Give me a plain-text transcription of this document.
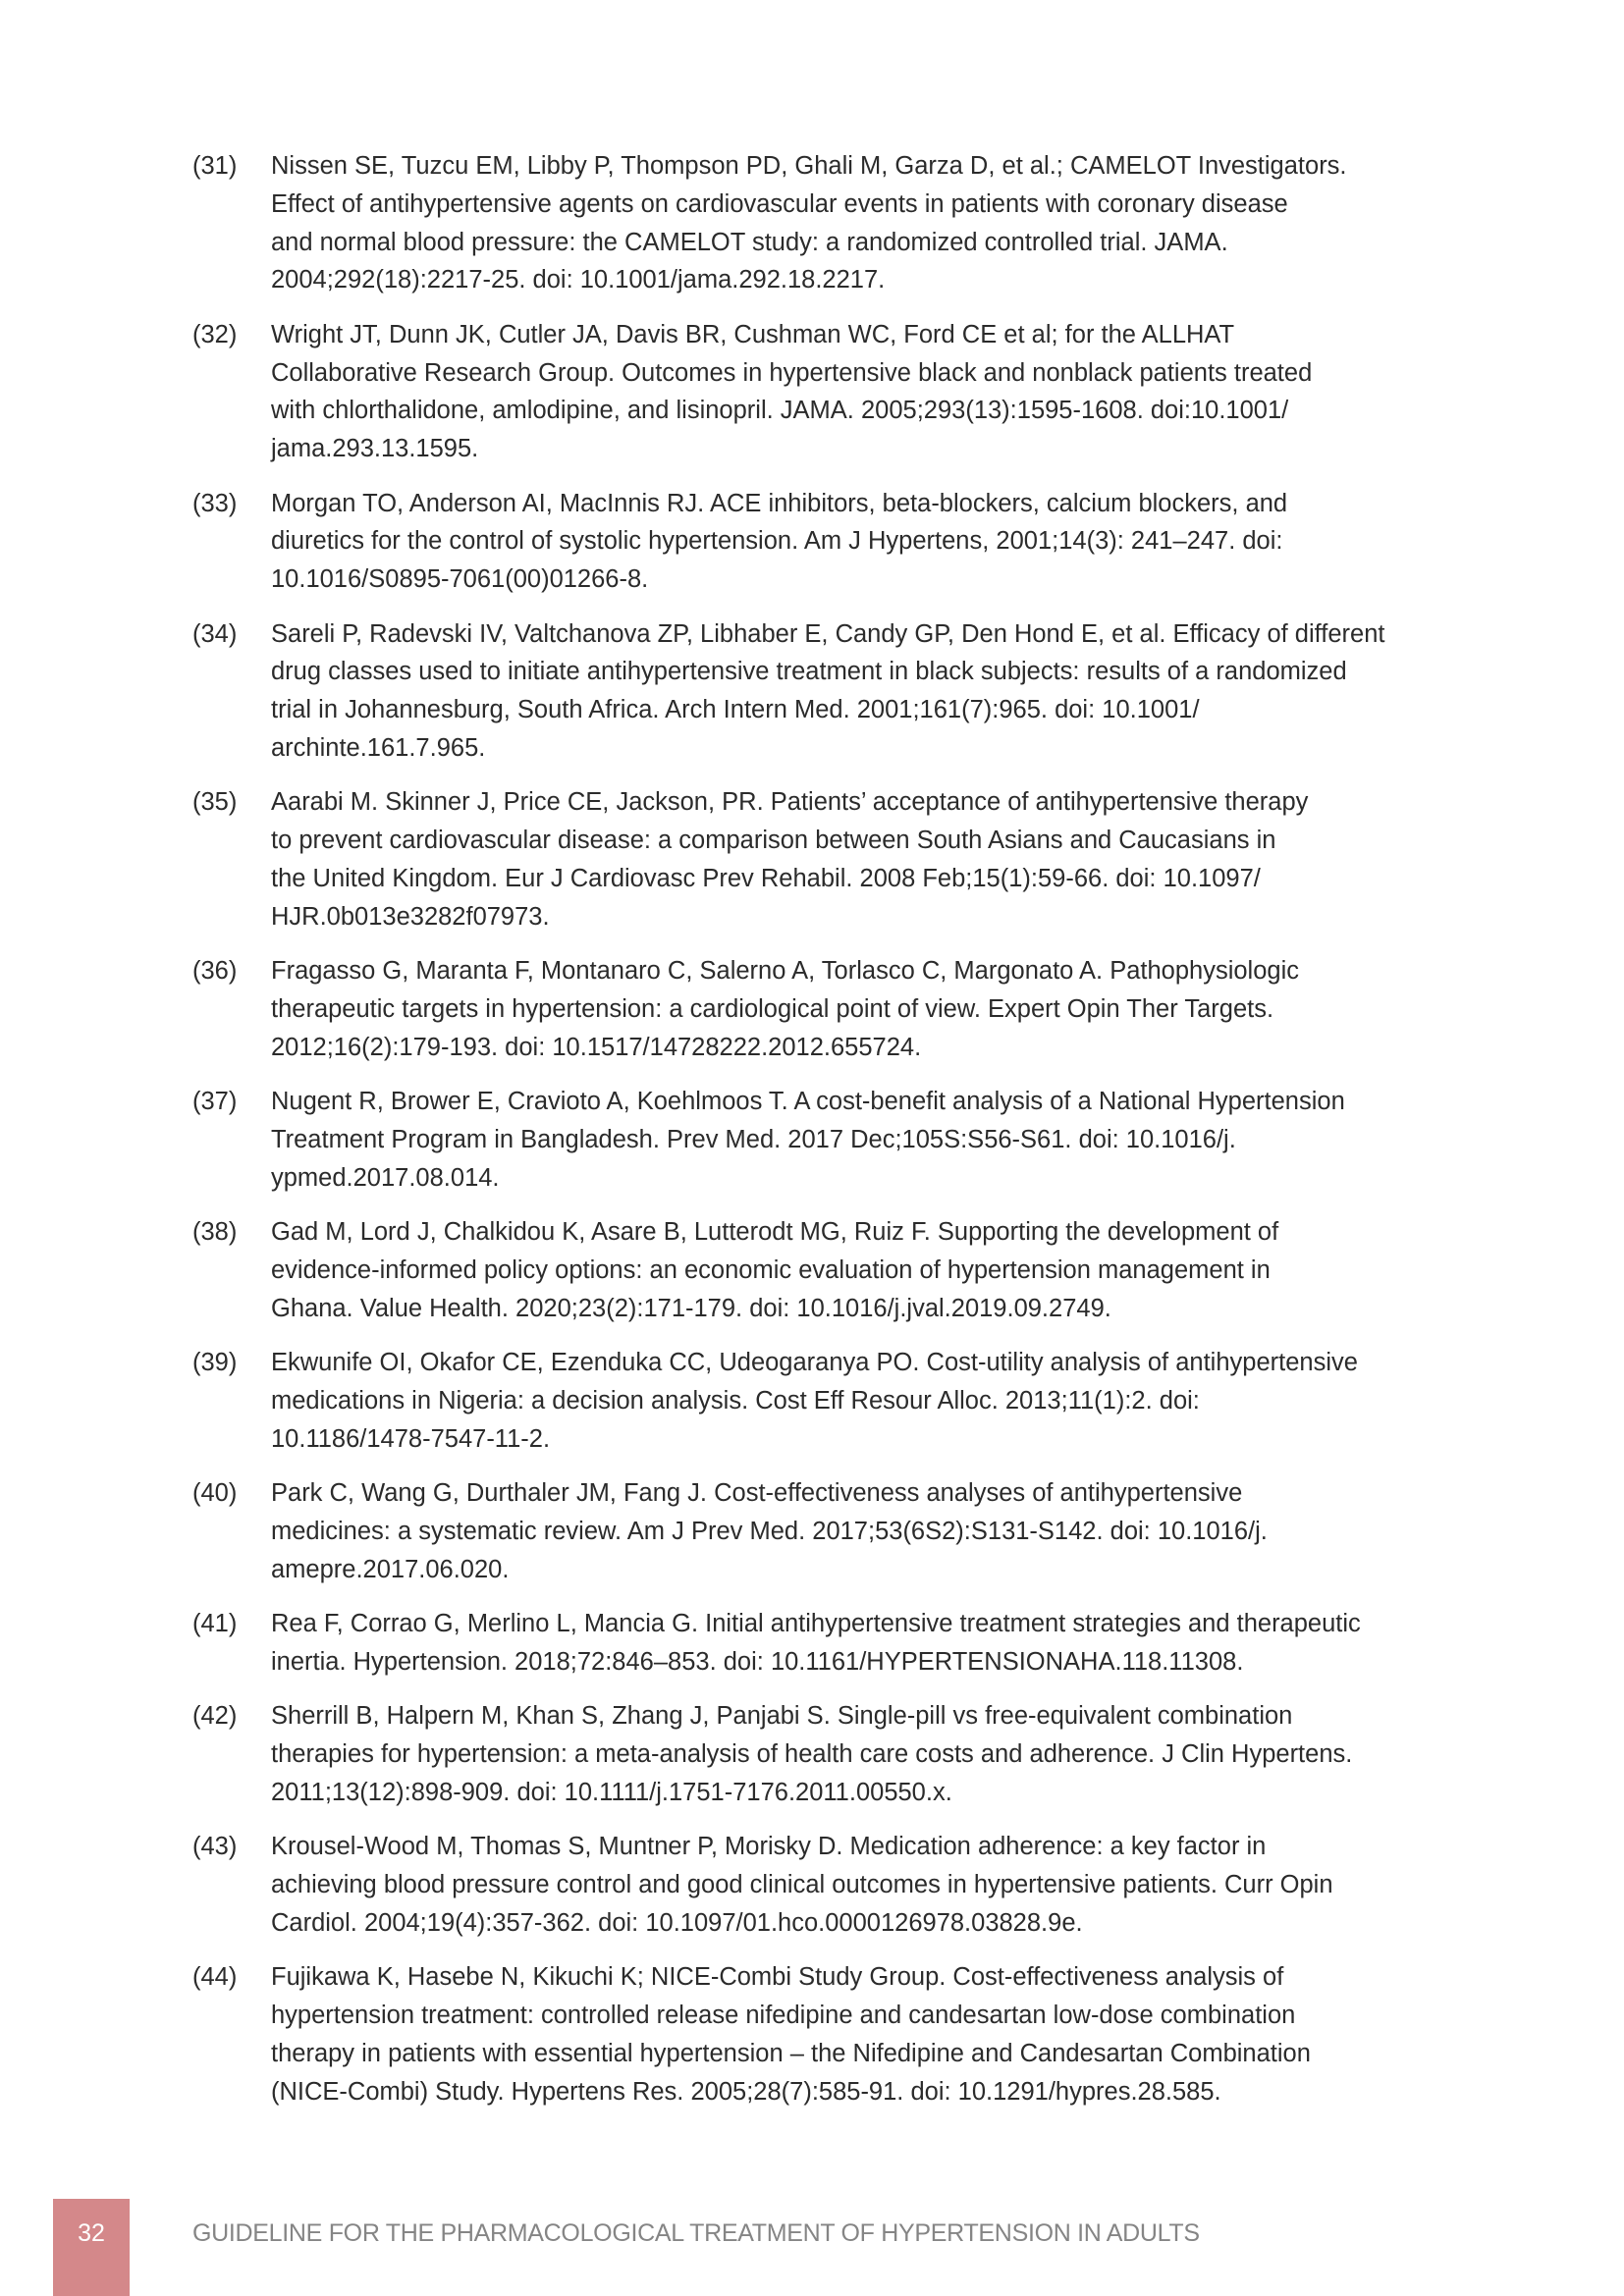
(31)	Nissen SE, Tuzcu EM, Libby P, Thompson PD, Ghali M, Garza D, et al.; CAMELOT Investigators.
Effect of antihypertensive agents on cardiovascular events in patients with coronary disease
and normal blood pressure: the CAMELOT study: a randomized controlled trial. JAMA.
2004;292(18):2217-25. doi: 10.1001/jama.292.18.2217.
(32)	Wright JT, Dunn JK, Cutler JA, Davis BR, Cushman WC, Ford CE et al; for the ALLHAT
Collaborative Research Group. Outcomes in hypertensive black and nonblack patients treated
with chlorthalidone, amlodipine, and lisinopril. JAMA. 2005;293(13):1595-1608. doi:10.1001/
jama.293.13.1595.
(33)	Morgan TO, Anderson AI, MacInnis RJ. ACE inhibitors, beta-blockers, calcium blockers, and
diuretics for the control of systolic hypertension. Am J Hypertens, 2001;14(3): 241–247. doi:
10.1016/S0895-7061(00)01266-8.
(34)	Sareli P, Radevski IV, Valtchanova ZP, Libhaber E, Candy GP, Den Hond E, et al. Efficacy of different
drug classes used to initiate antihypertensive treatment in black subjects: results of a randomized
trial in Johannesburg, South Africa. Arch Intern Med. 2001;161(7):965. doi: 10.1001/
archinte.161.7.965.
(35)	Aarabi M. Skinner J, Price CE, Jackson, PR. Patients’ acceptance of antihypertensive therapy
to prevent cardiovascular disease: a comparison between South Asians and Caucasians in
the United Kingdom. Eur J Cardiovasc Prev Rehabil. 2008 Feb;15(1):59-66. doi: 10.1097/
HJR.0b013e3282f07973.
(36)	Fragasso G, Maranta F, Montanaro C, Salerno A, Torlasco C, Margonato A. Pathophysiologic
therapeutic targets in hypertension: a cardiological point of view. Expert Opin Ther Targets.
2012;16(2):179-193. doi: 10.1517/14728222.2012.655724.
(37)	Nugent R, Brower E, Cravioto A, Koehlmoos T. A cost-benefit analysis of a National Hypertension
Treatment Program in Bangladesh. Prev Med. 2017 Dec;105S:S56-S61. doi: 10.1016/j.
ypmed.2017.08.014.
(38)	Gad M, Lord J, Chalkidou K, Asare B, Lutterodt MG, Ruiz F. Supporting the development of
evidence-informed policy options: an economic evaluation of hypertension management in
Ghana. Value Health. 2020;23(2):171-179. doi: 10.1016/j.jval.2019.09.2749.
(39)	Ekwunife OI, Okafor CE, Ezenduka CC, Udeogaranya PO. Cost-utility analysis of antihypertensive
medications in Nigeria: a decision analysis. Cost Eff Resour Alloc. 2013;11(1):2. doi:
10.1186/1478-7547-11-2.
(40)	Park C, Wang G, Durthaler JM, Fang J. Cost-effectiveness analyses of antihypertensive
medicines: a systematic review. Am J Prev Med. 2017;53(6S2):S131-S142. doi: 10.1016/j.
amepre.2017.06.020.
(41)	Rea F, Corrao G, Merlino L, Mancia G. Initial antihypertensive treatment strategies and therapeutic
inertia. Hypertension. 2018;72:846–853. doi: 10.1161/HYPERTENSIONAHA.118.11308.
(42)	Sherrill B, Halpern M, Khan S, Zhang J, Panjabi S. Single-pill vs free-equivalent combination
therapies for hypertension: a meta-analysis of health care costs and adherence. J Clin Hypertens.
2011;13(12):898-909. doi: 10.1111/j.1751-7176.2011.00550.x.
(43)	Krousel-Wood M, Thomas S, Muntner P, Morisky D. Medication adherence: a key factor in
achieving blood pressure control and good clinical outcomes in hypertensive patients. Curr Opin
Cardiol. 2004;19(4):357-362. doi: 10.1097/01.hco.0000126978.03828.9e.
(44)	Fujikawa K, Hasebe N, Kikuchi K; NICE-Combi Study Group. Cost-effectiveness analysis of
hypertension treatment: controlled release nifedipine and candesartan low-dose combination
therapy in patients with essential hypertension – the Nifedipine and Candesartan Combination
(NICE-Combi) Study. Hypertens Res. 2005;28(7):585-91. doi: 10.1291/hypres.28.585.
32	GUIDELINE FOR THE PHARMACOLOGICAL TREATMENT OF HYPERTENSION IN ADULTS
